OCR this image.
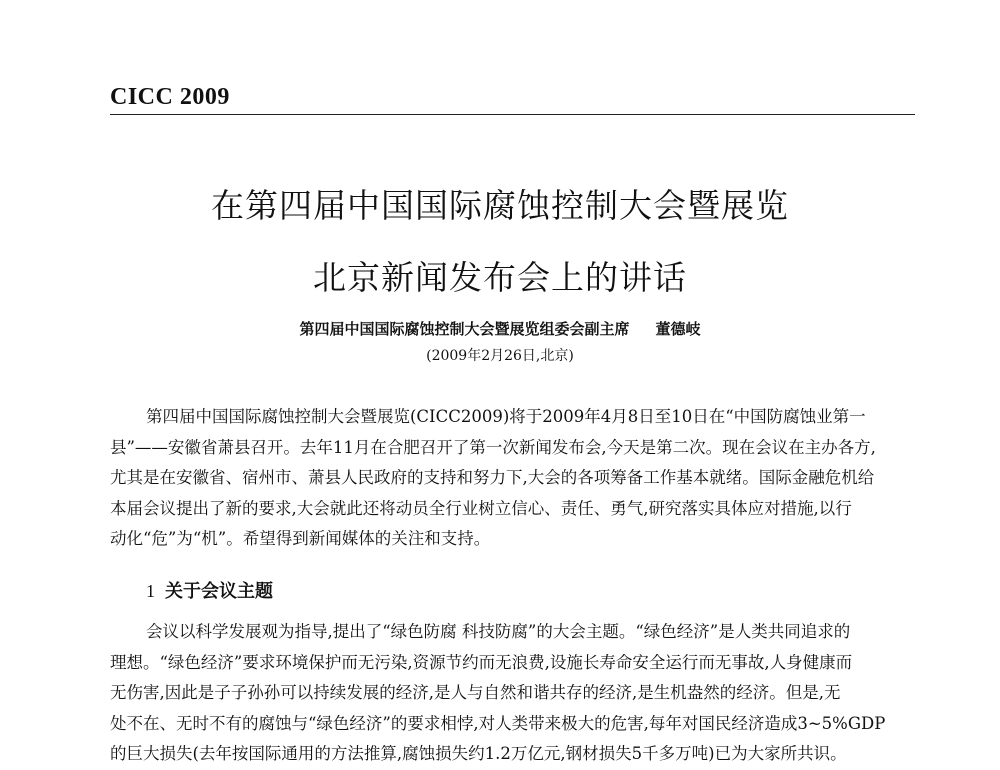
CICC 2009
在第四届中国国际腐蚀控制大会暨展览
北京新闻发布会上的讲话
第四届中国国际腐蚀控制大会暨展览组委会副主席 董德岐
(2009年2月26日,北京)
第四届中国国际腐蚀控制大会暨展览(CICC2009)将于2009年4月8日至10日在“中国防腐蚀业第一
县”——安徽省萧县召开。去年11月在合肥召开了第一次新闻发布会,今天是第二次。现在会议在主办各方,
尤其是在安徽省、宿州市、萧县人民政府的支持和努力下,大会的各项筹备工作基本就绪。国际金融危机给
本届会议提出了新的要求,大会就此还将动员全行业树立信心、责任、勇气,研究落实具体应对措施,以行
动化“危”为“机”。希望得到新闻媒体的关注和支持。
1 关于会议主题
会议以科学发展观为指导,提出了“绿色防腐 科技防腐”的大会主题。“绿色经济”是人类共同追求的
理想。“绿色经济”要求环境保护而无污染,资源节约而无浪费,设施长寿命安全运行而无事故,人身健康而
无伤害,因此是子子孙孙可以持续发展的经济,是人与自然和谐共存的经济,是生机盎然的经济。但是,无
处不在、无时不有的腐蚀与“绿色经济”的要求相悖,对人类带来极大的危害,每年对国民经济造成3~5%GDP
的巨大损失(去年按国际通用的方法推算,腐蚀损失约1.2万亿元,钢材损失5千多万吨)已为大家所共识。
